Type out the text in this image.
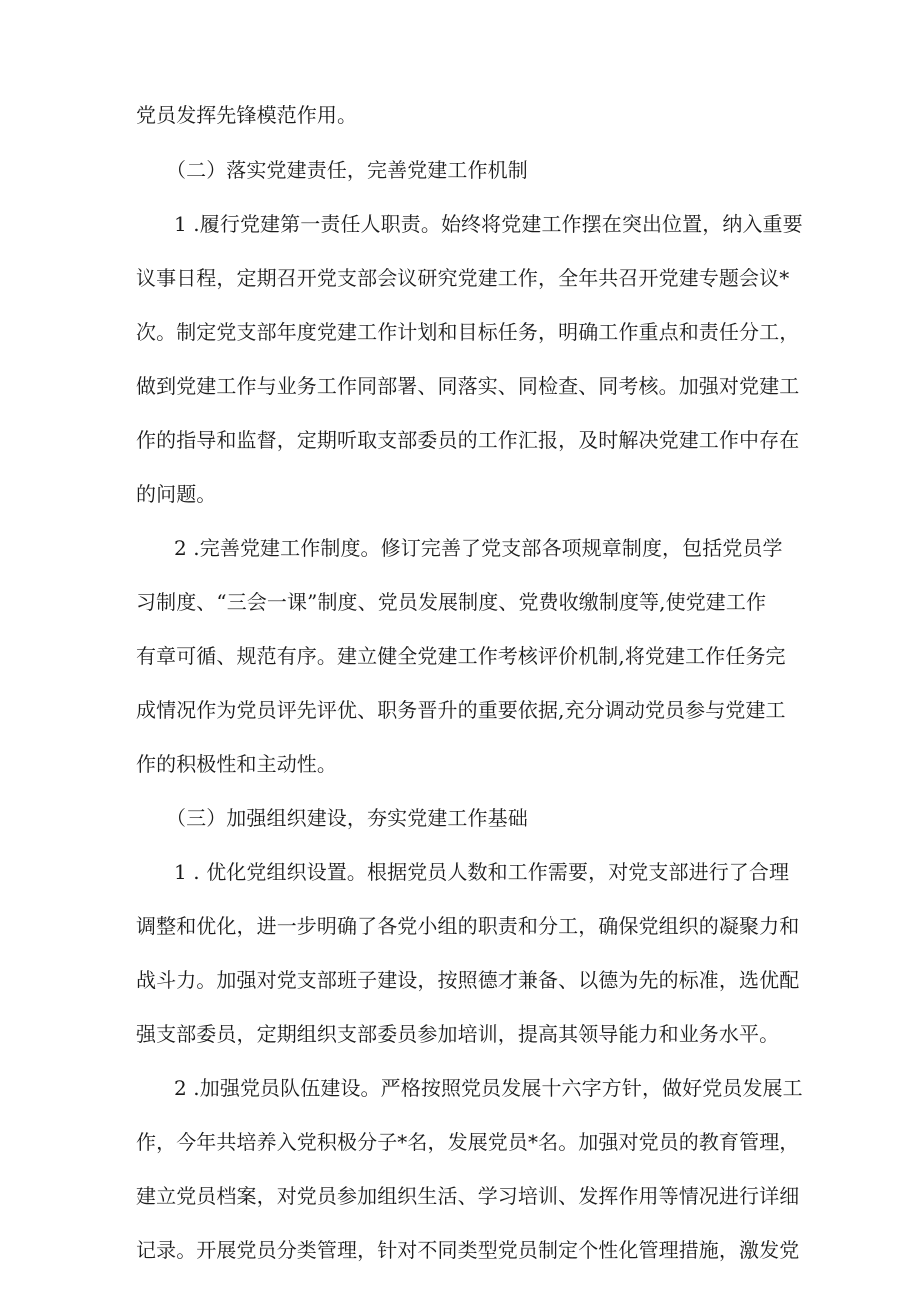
党员发挥先锋模范作用。
（二）落实党建责任，完善党建工作机制
1 .履行党建第一责任人职责。始终将党建工作摆在突出位置，纳入重要
议事日程，定期召开党支部会议研究党建工作，全年共召开党建专题会议*
次。制定党支部年度党建工作计划和目标任务，明确工作重点和责任分工，
做到党建工作与业务工作同部署、同落实、同检查、同考核。加强对党建工
作的指导和监督，定期听取支部委员的工作汇报，及时解决党建工作中存在
的问题。
2 .完善党建工作制度。修订完善了党支部各项规章制度，包括党员学
习制度、“三会一课”制度、党员发展制度、党费收缴制度等,使党建工作
有章可循、规范有序。建立健全党建工作考核评价机制,将党建工作任务完
成情况作为党员评先评优、职务晋升的重要依据,充分调动党员参与党建工
作的积极性和主动性。
（三）加强组织建设，夯实党建工作基础
1 . 优化党组织设置。根据党员人数和工作需要，对党支部进行了合理
调整和优化，进一步明确了各党小组的职责和分工，确保党组织的凝聚力和
战斗力。加强对党支部班子建设，按照德才兼备、以德为先的标准，选优配
强支部委员，定期组织支部委员参加培训，提高其领导能力和业务水平。
2 .加强党员队伍建设。严格按照党员发展十六字方针，做好党员发展工
作，今年共培养入党积极分子*名，发展党员*名。加强对党员的教育管理，
建立党员档案，对党员参加组织生活、学习培训、发挥作用等情况进行详细
记录。开展党员分类管理，针对不同类型党员制定个性化管理措施，激发党
